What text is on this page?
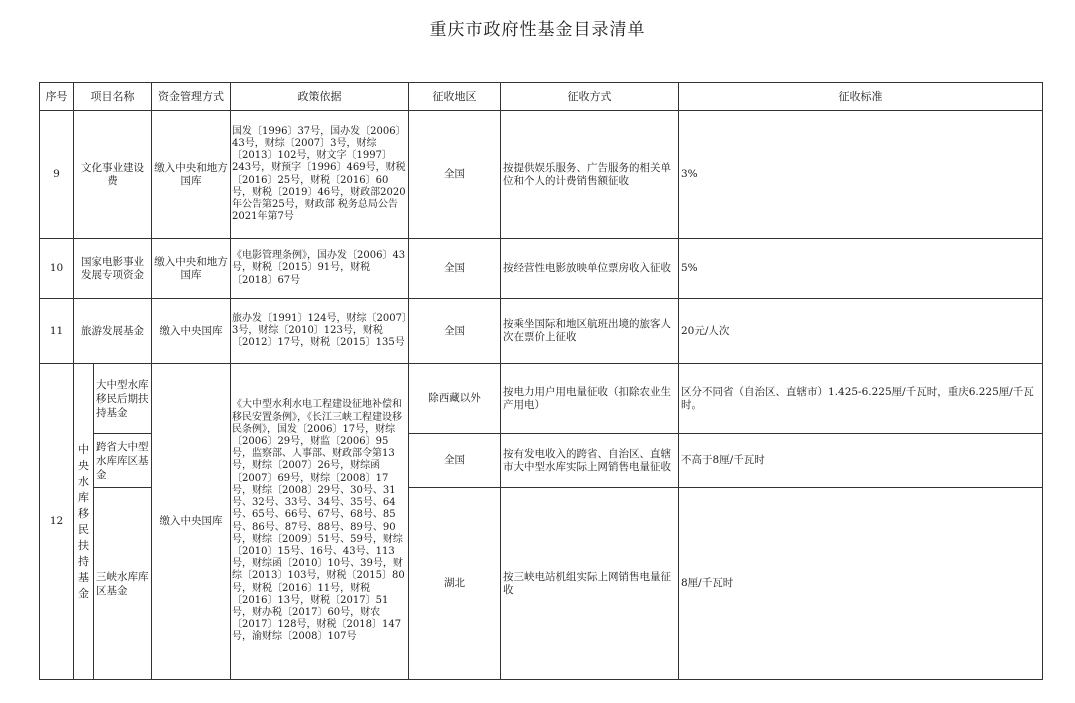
重庆市政府性基金目录清单
序号	项目名称		资金管理方式	政策依据	征收地区	征收方式	征收标准
9	文化事业建设费		缴入中央和地方国库	国发〔1996〕37号，国办发〔2006〕43号，财综〔2007〕3号，财综〔2013〕102号，财文字〔1997〕243号，财预字〔1996〕469号，财税〔2016〕25号，财税〔2016〕60号，财税〔2019〕46号，财政部2020年公告第25号，财政部 税务总局公告2021年第7号	全国	按提供娱乐服务、广告服务的相关单位和个人的计费销售额征收	3%
10	国家电影事业发展专项资金		缴入中央和地方国库	《电影管理条例》，国办发〔2006〕43号，财税〔2015〕91号，财税〔2018〕67号	全国	按经营性电影放映单位票房收入征收	5%
11	旅游发展基金		缴入中央国库	旅办发〔1991〕124号，财综〔2007〕3号，财综〔2010〕123号，财税〔2012〕17号，财税〔2015〕135号	全国	按乘坐国际和地区航班出境的旅客人次在票价上征收	20元/人次
12	中央水库移民扶持基金	大中型水库移民后期扶持基金	缴入中央国库	《大中型水利水电工程建设征地补偿和移民安置条例》，《长江三峡工程建设移民条例》，国发〔2006〕17号，财综〔2006〕29号，财监〔2006〕95号，监察部、人事部、财政部令第13号，财综〔2007〕26号，财综函〔2007〕69号，财综〔2008〕17号，财综〔2008〕29号、30号、31号、32号、33号、34号、35号、64号、65号、66号、67号、68号、85号、86号、87号、88号、89号、90号，财综〔2009〕51号、59号，财综〔2010〕15号、16号、43号、113号，财综函〔2010〕10号、39号，财综〔2013〕103号，财税〔2015〕80号，财税〔2016〕11号，财税〔2016〕13号，财税〔2017〕51号，财办税〔2017〕60号，财农〔2017〕128号，财税〔2018〕147号，渝财综〔2008〕107号	除西藏以外	按电力用户用电量征收（扣除农业生产用电）	区分不同省（自治区、直辖市）1.425-6.225厘/千瓦时，重庆6.225厘/千瓦时。
		跨省大中型水库库区基金			全国	按有发电收入的跨省、自治区、直辖市大中型水库实际上网销售电量征收	不高于8厘/千瓦时
		三峡水库库区基金			湖北	按三峡电站机组实际上网销售电量征收	8厘/千瓦时
